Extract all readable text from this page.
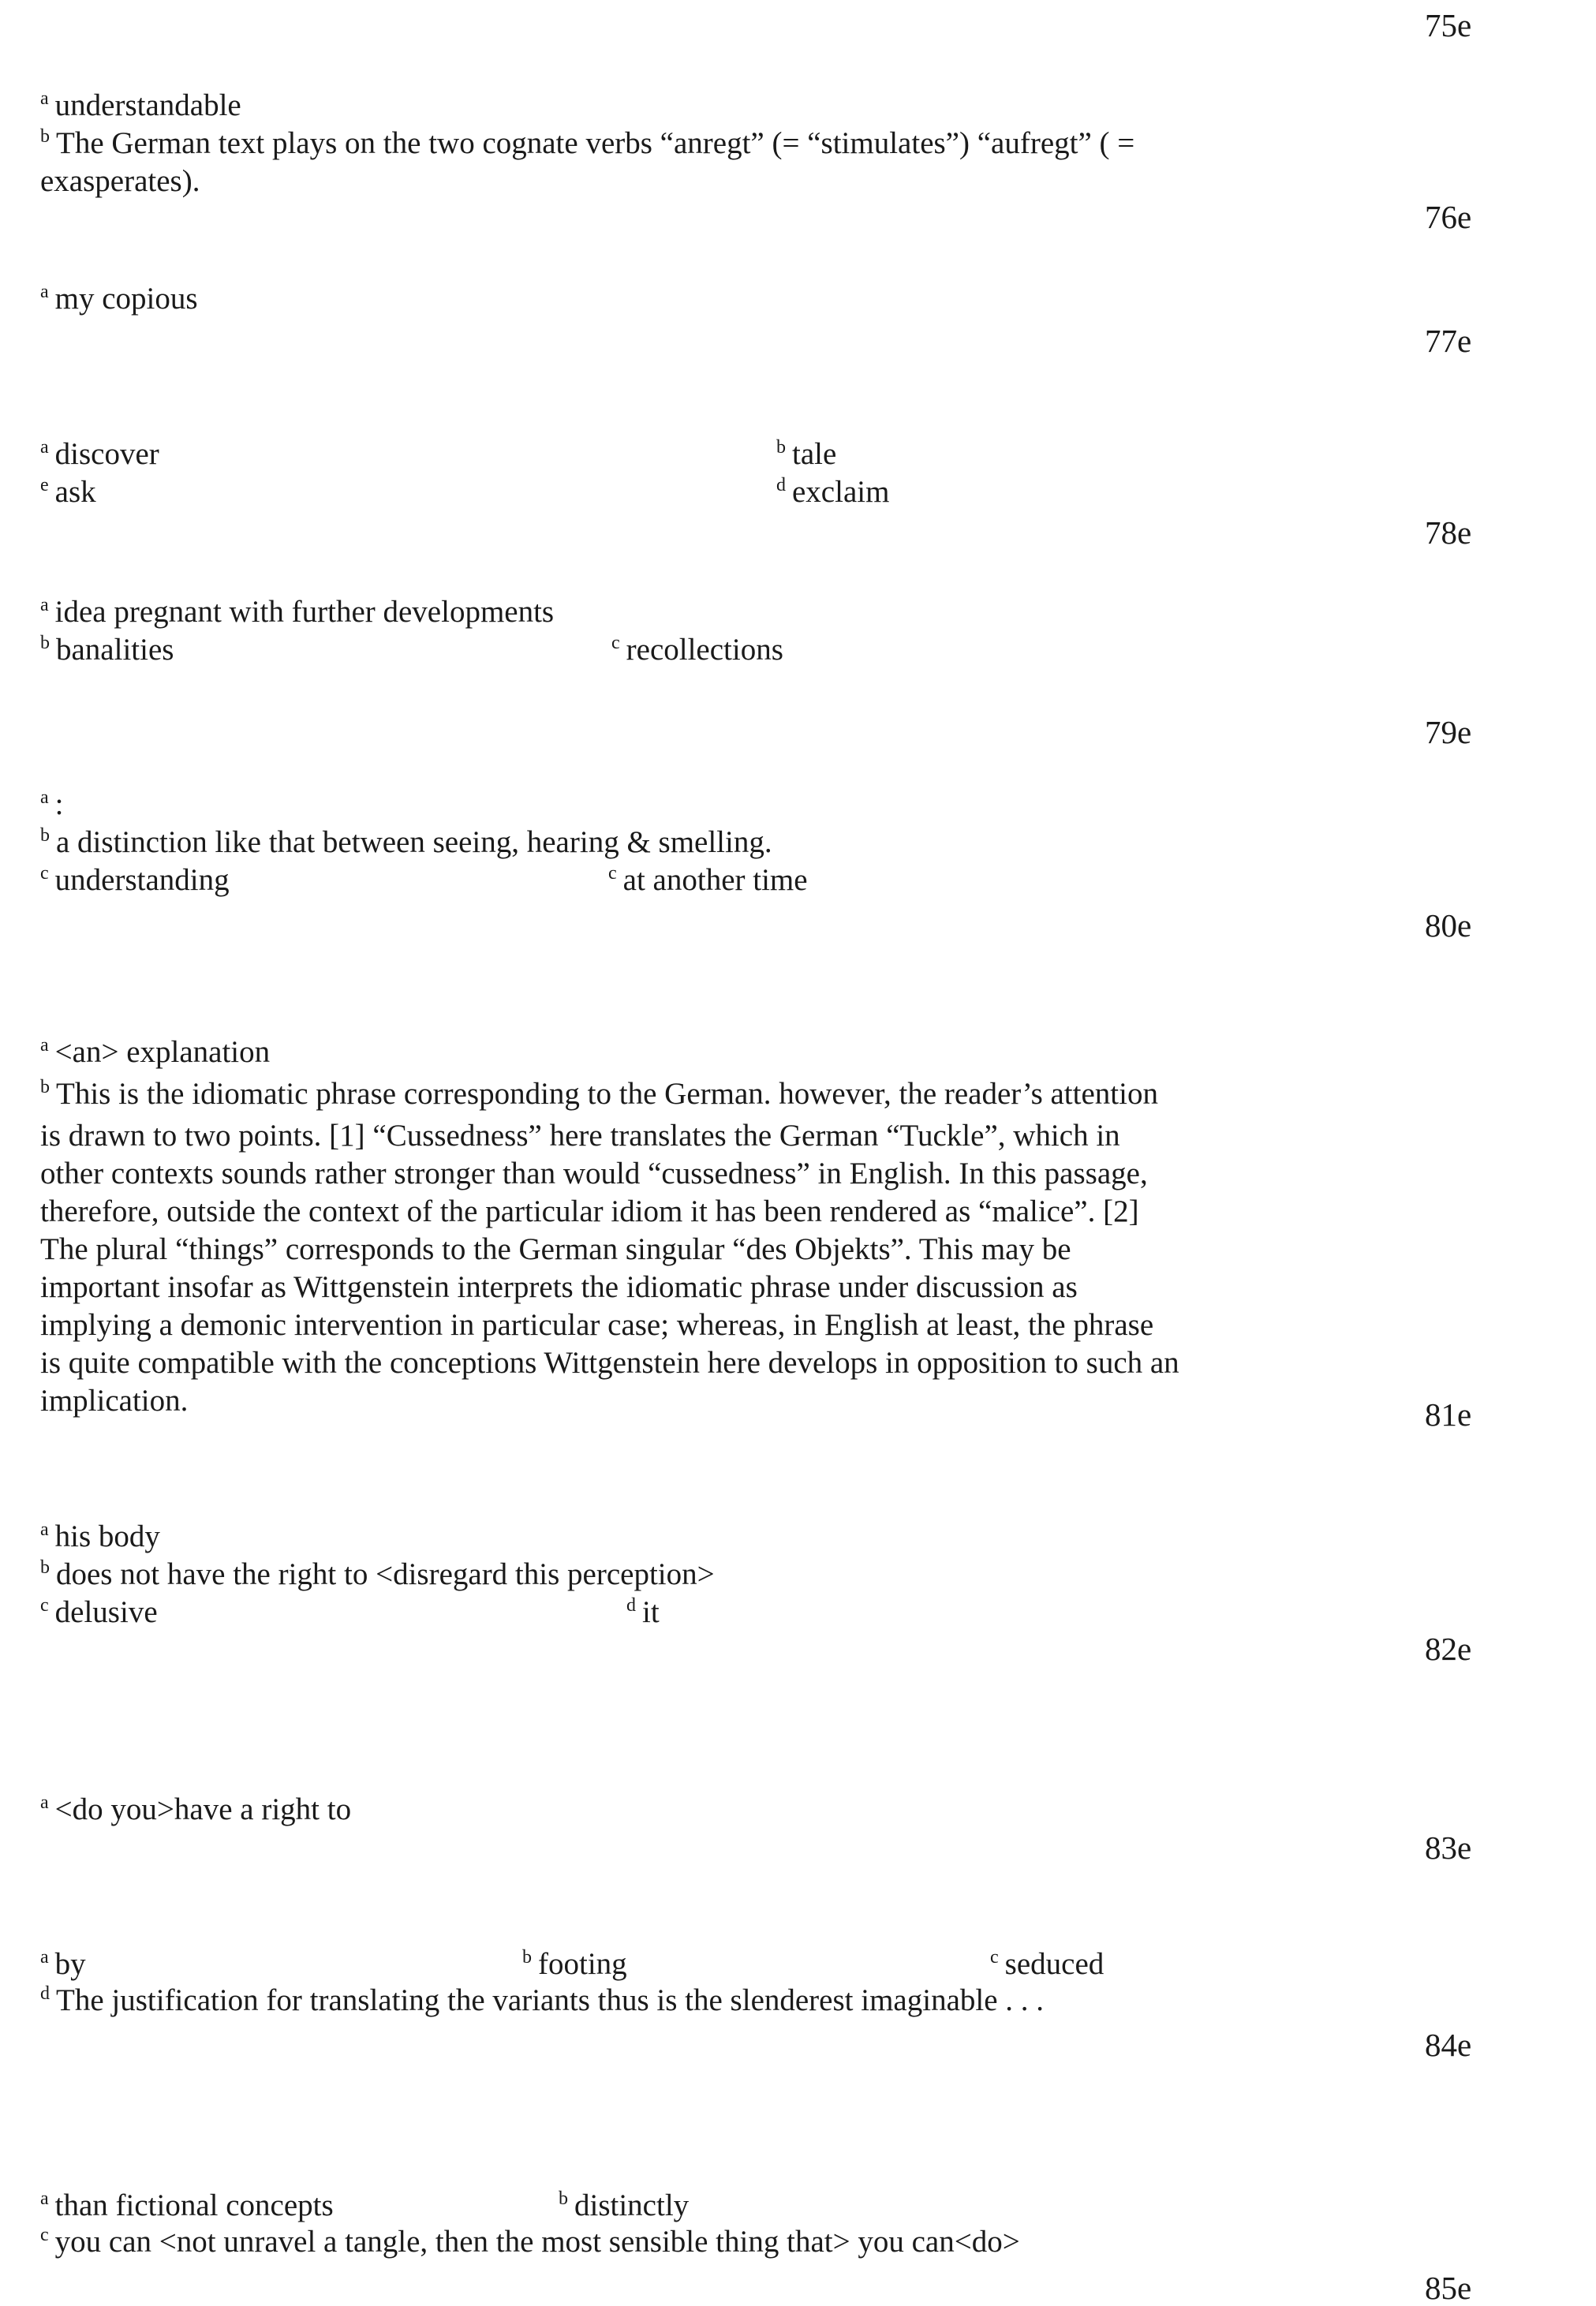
75e
76e
77e
78e
79e
80e
81e
82e
83e
84e
85e
a understandable
b The German text plays on the two cognate verbs “anregt” (= “stimulates”) “aufregt” ( =
exasperates).
a my copious
a discover	b tale
e ask	d exclaim
a idea pregnant with further developments
b banalities	c recollections
a :
b a distinction like that between seeing, hearing & smelling.
c understanding	c at another time
a <an> explanation
b This is the idiomatic phrase corresponding to the German. however, the reader’s attention
is drawn to two points. [1] “Cussedness” here translates the German “Tuckle”, which in
other contexts sounds rather stronger than would “cussedness” in English. In this passage,
therefore, outside the context of the particular idiom it has been rendered as “malice”. [2]
The plural “things” corresponds to the German singular “des Objekts”. This may be
important insofar as Wittgenstein interprets the idiomatic phrase under discussion as
implying a demonic intervention in particular case; whereas, in English at least, the phrase
is quite compatible with the conceptions Wittgenstein here develops in opposition to such an
implication.
a his body
b does not have the right to <disregard this perception>
c delusive	d it
a <do you>have a right to
a by	b footing	c seduced
d The justification for translating the variants thus is the slenderest imaginable . . .
a than fictional concepts	b distinctly
c you can <not unravel a tangle, then the most sensible thing that> you can<do>
